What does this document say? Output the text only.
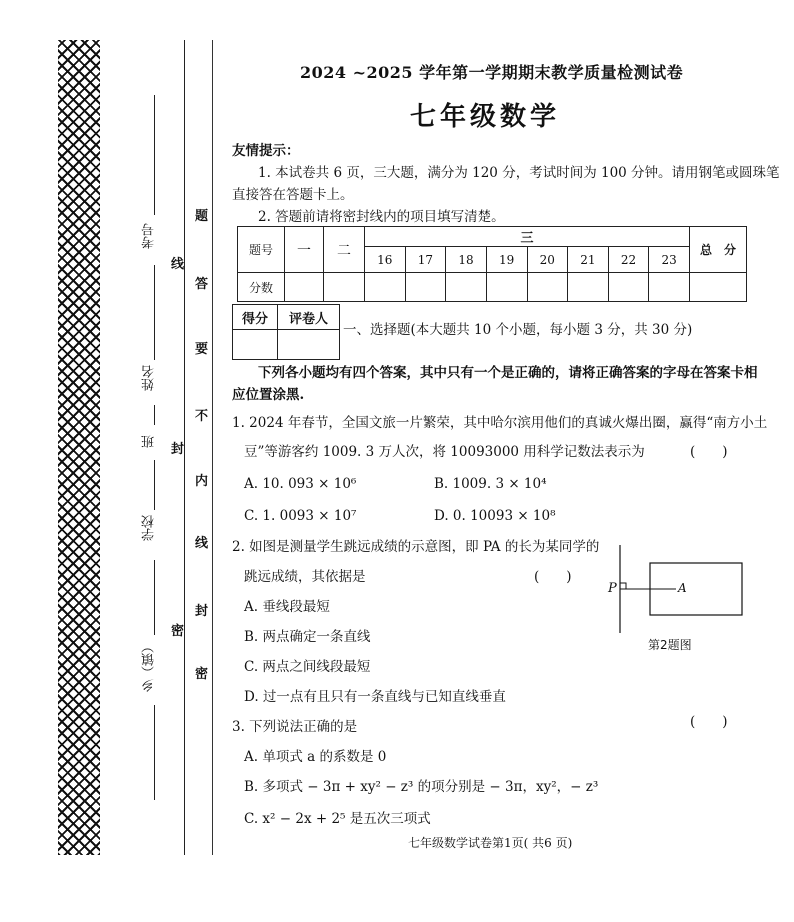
考号
姓名
班
学校
乡（镇）
线
封
密
题
答
要
不
内
线
封
密
2024 ~2025 学年第一学期期末教学质量检测试卷
七年级数学
友情提示：
1. 本试卷共 6 页，三大题，满分为 120 分，考试时间为 100 分钟。请用钢笔或圆珠笔
直接答在答题卡上。
2. 答题前请将密封线内的项目填写清楚。
题号	一	二	三								总　分
			16	17	18	19	20	21	22	23	
分数											
得分	评卷人

一、选择题(本大题共 10 个小题，每小题 3 分，共 30 分)
下列各小题均有四个答案，其中只有一个是正确的，请将正确答案的字母在答案卡相
应位置涂黑.
1. 2024 年春节，全国文旅一片繁荣，其中哈尔滨用他们的真诚火爆出圈，赢得“南方小土
豆”等游客约 1009. 3 万人次，将 10093000 用科学记数法表示为	(　　)
A. 10. 093 × 10⁶	B. 1009. 3 × 10⁴
C. 1. 0093 × 10⁷	D. 0. 10093 × 10⁸
2. 如图是测量学生跳远成绩的示意图，即 PA 的长为某同学的
跳远成绩，其依据是	(　　)
A. 垂线段最短
B. 两点确定一条直线
C. 两点之间线段最短
D. 过一点有且只有一条直线与已知直线垂直
P	A
第2题图
3. 下列说法正确的是	(　　)
A. 单项式 a 的系数是 0
B. 多项式 − 3π + xy² − z³ 的项分别是 − 3π，xy²，− z³
C. x² − 2x + 2⁵ 是五次三项式
七年级数学试卷第1页( 共6 页)
